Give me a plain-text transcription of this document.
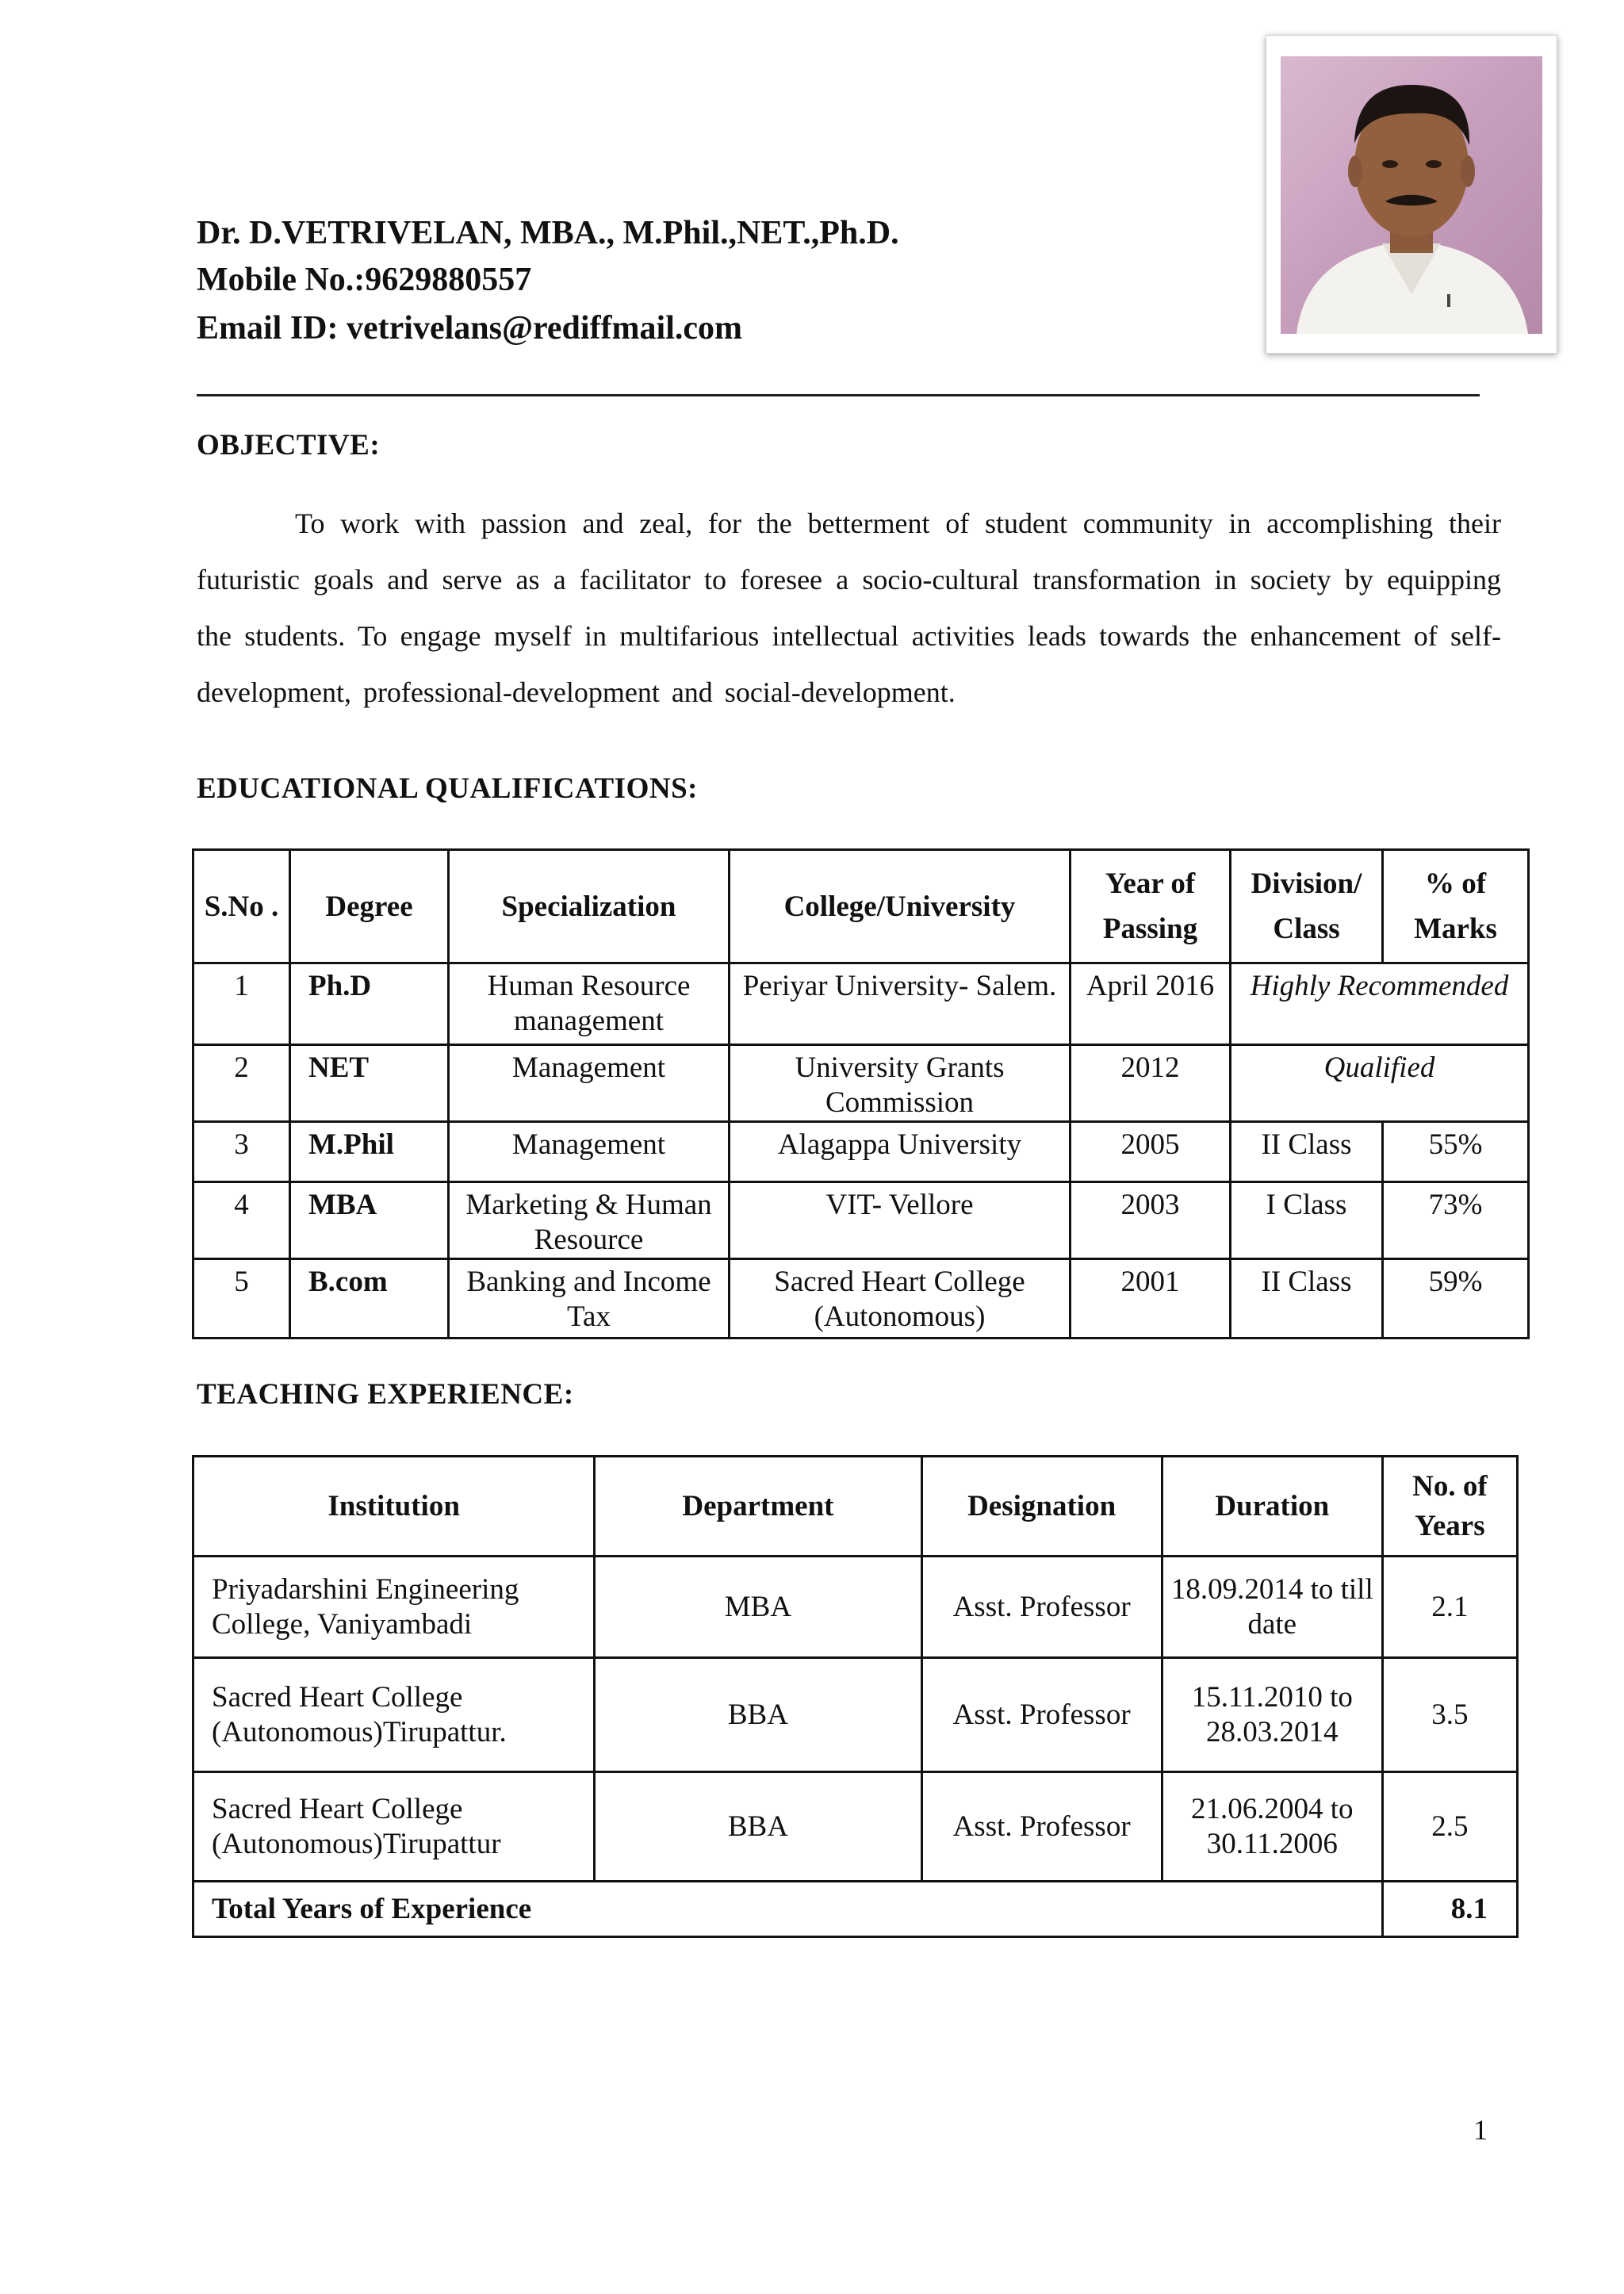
Dr. D.VETRIVELAN, MBA., M.Phil.,NET.,Ph.D.
Mobile No.:9629880557
Email ID: vetrivelans@rediffmail.com
OBJECTIVE:
To work with passion and zeal, for the betterment of student community in accomplishing their futuristic goals and serve as a facilitator to foresee a socio-cultural transformation in society by equipping the students. To engage myself in multifarious intellectual activities leads towards the enhancement of self-development, professional-development and social-development.
EDUCATIONAL QUALIFICATIONS:
S.No .	Degree	Specialization	College/University	Year of Passing	Division/ Class	% of Marks
1	Ph.D	Human Resource management	Periyar University- Salem.	April 2016	Highly Recommended	
2	NET	Management	University Grants Commission	2012	Qualified	
3	M.Phil	Management	Alagappa University	2005	II Class	55%
4	MBA	Marketing & Human Resource	VIT- Vellore	2003	I Class	73%
5	B.com	Banking and Income Tax	Sacred Heart College (Autonomous)	2001	II Class	59%
TEACHING EXPERIENCE:
Institution	Department	Designation	Duration	No. of Years
Priyadarshini Engineering College, Vaniyambadi	MBA	Asst. Professor	18.09.2014 to till date	2.1
Sacred Heart College (Autonomous)Tirupattur.	BBA	Asst. Professor	15.11.2010 to 28.03.2014	3.5
Sacred Heart College (Autonomous)Tirupattur	BBA	Asst. Professor	21.06.2004 to 30.11.2006	2.5
Total Years of Experience				8.1
1
